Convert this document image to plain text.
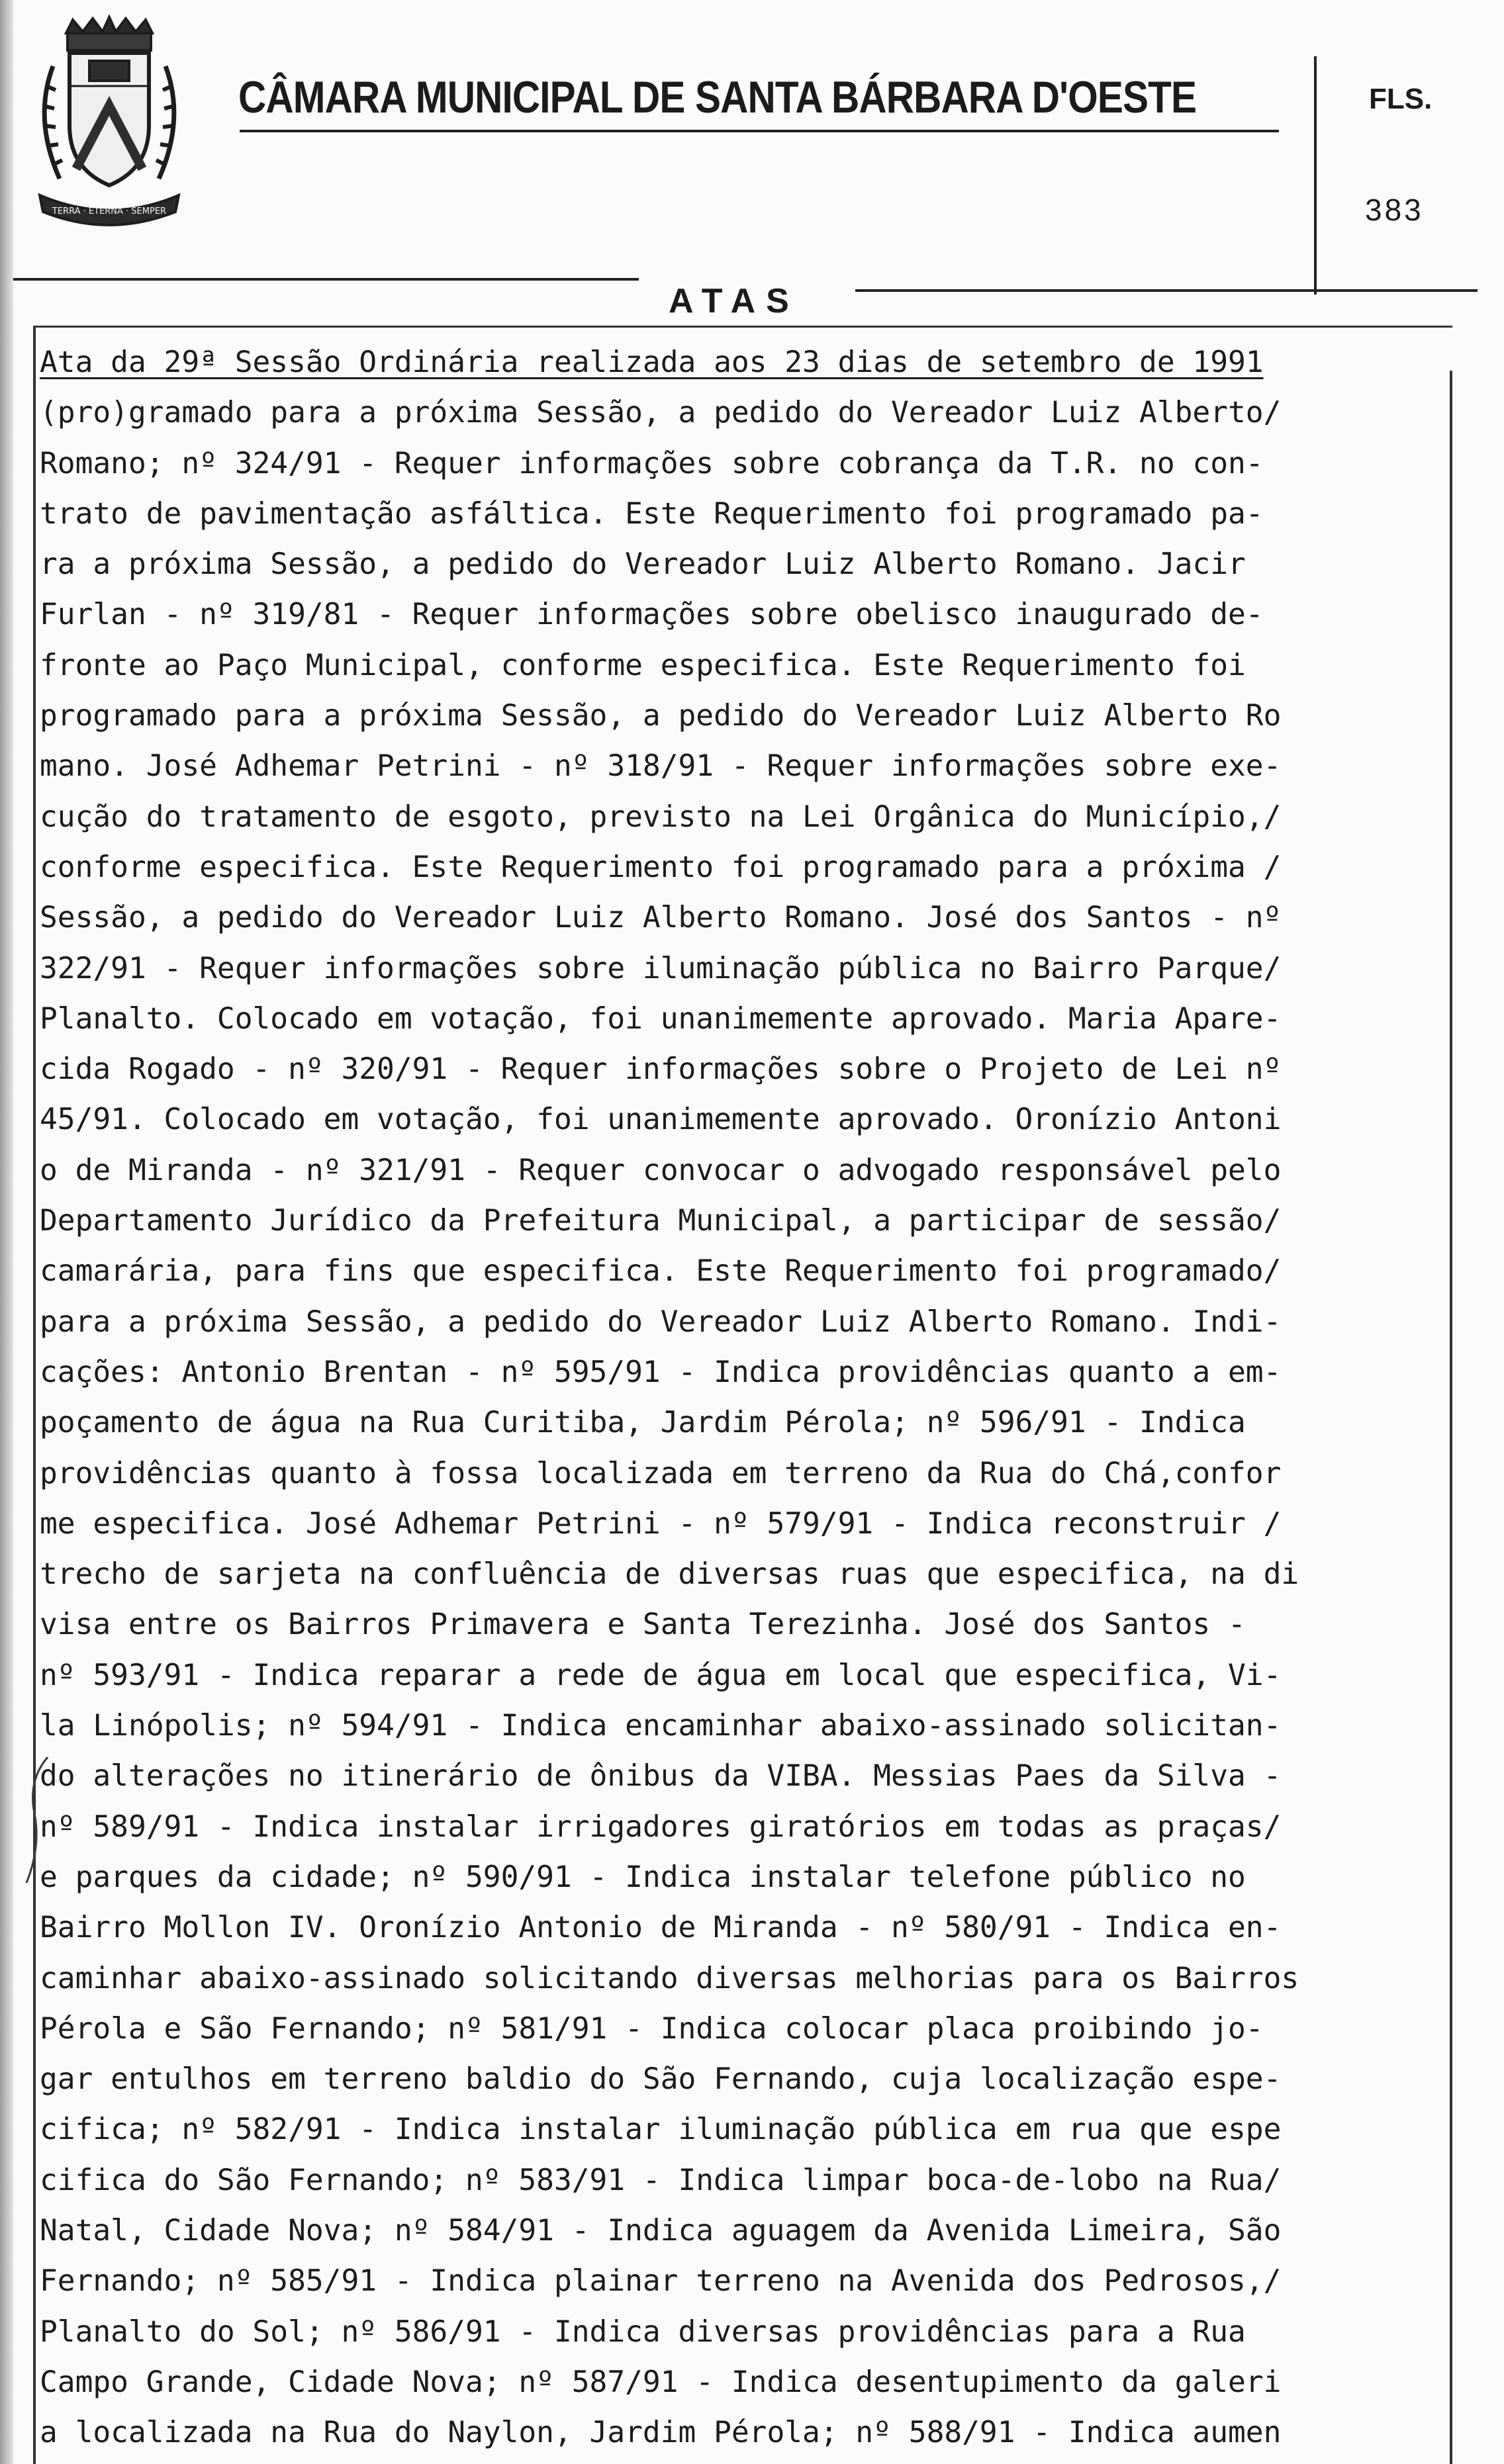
TERRA · ETERNA · SEMPER
CÂMARA MUNICIPAL DE SANTA BÁRBARA D'OESTE	FLS.
383
ATAS
Ata da 29ª Sessão Ordinária realizada aos 23 dias de setembro de 1991
(pro)gramado para a próxima Sessão, a pedido do Vereador Luiz Alberto/
Romano; nº 324/91 - Requer informações sobre cobrança da T.R. no con-
trato de pavimentação asfáltica. Este Requerimento foi programado pa-
ra a próxima Sessão, a pedido do Vereador Luiz Alberto Romano. Jacir
Furlan - nº 319/81 - Requer informações sobre obelisco inaugurado de-
fronte ao Paço Municipal, conforme especifica. Este Requerimento foi
programado para a próxima Sessão, a pedido do Vereador Luiz Alberto Ro
mano. José Adhemar Petrini - nº 318/91 - Requer informações sobre exe-
cução do tratamento de esgoto, previsto na Lei Orgânica do Município,/
conforme especifica. Este Requerimento foi programado para a próxima /
Sessão, a pedido do Vereador Luiz Alberto Romano. José dos Santos - nº
322/91 - Requer informações sobre iluminação pública no Bairro Parque/
Planalto. Colocado em votação, foi unanimemente aprovado. Maria Apare-
cida Rogado - nº 320/91 - Requer informações sobre o Projeto de Lei nº
45/91. Colocado em votação, foi unanimemente aprovado. Oronízio Antoni
o de Miranda - nº 321/91 - Requer convocar o advogado responsável pelo
Departamento Jurídico da Prefeitura Municipal, a participar de sessão/
camarária, para fins que especifica. Este Requerimento foi programado/
para a próxima Sessão, a pedido do Vereador Luiz Alberto Romano. Indi-
cações: Antonio Brentan - nº 595/91 - Indica providências quanto a em-
poçamento de água na Rua Curitiba, Jardim Pérola; nº 596/91 - Indica
providências quanto à fossa localizada em terreno da Rua do Chá,confor
me especifica. José Adhemar Petrini - nº 579/91 - Indica reconstruir /
trecho de sarjeta na confluência de diversas ruas que especifica, na di
visa entre os Bairros Primavera e Santa Terezinha. José dos Santos -
nº 593/91 - Indica reparar a rede de água em local que especifica, Vi-
la Linópolis; nº 594/91 - Indica encaminhar abaixo-assinado solicitan-
do alterações no itinerário de ônibus da VIBA. Messias Paes da Silva -
nº 589/91 - Indica instalar irrigadores giratórios em todas as praças/
e parques da cidade; nº 590/91 - Indica instalar telefone público no
Bairro Mollon IV. Oronízio Antonio de Miranda - nº 580/91 - Indica en-
caminhar abaixo-assinado solicitando diversas melhorias para os Bairros
Pérola e São Fernando; nº 581/91 - Indica colocar placa proibindo jo-
gar entulhos em terreno baldio do São Fernando, cuja localização espe-
cifica; nº 582/91 - Indica instalar iluminação pública em rua que espe
cifica do São Fernando; nº 583/91 - Indica limpar boca-de-lobo na Rua/
Natal, Cidade Nova; nº 584/91 - Indica aguagem da Avenida Limeira, São
Fernando; nº 585/91 - Indica plainar terreno na Avenida dos Pedrosos,/
Planalto do Sol; nº 586/91 - Indica diversas providências para a Rua
Campo Grande, Cidade Nova; nº 587/91 - Indica desentupimento da galeri
a localizada na Rua do Naylon, Jardim Pérola; nº 588/91 - Indica aumen
